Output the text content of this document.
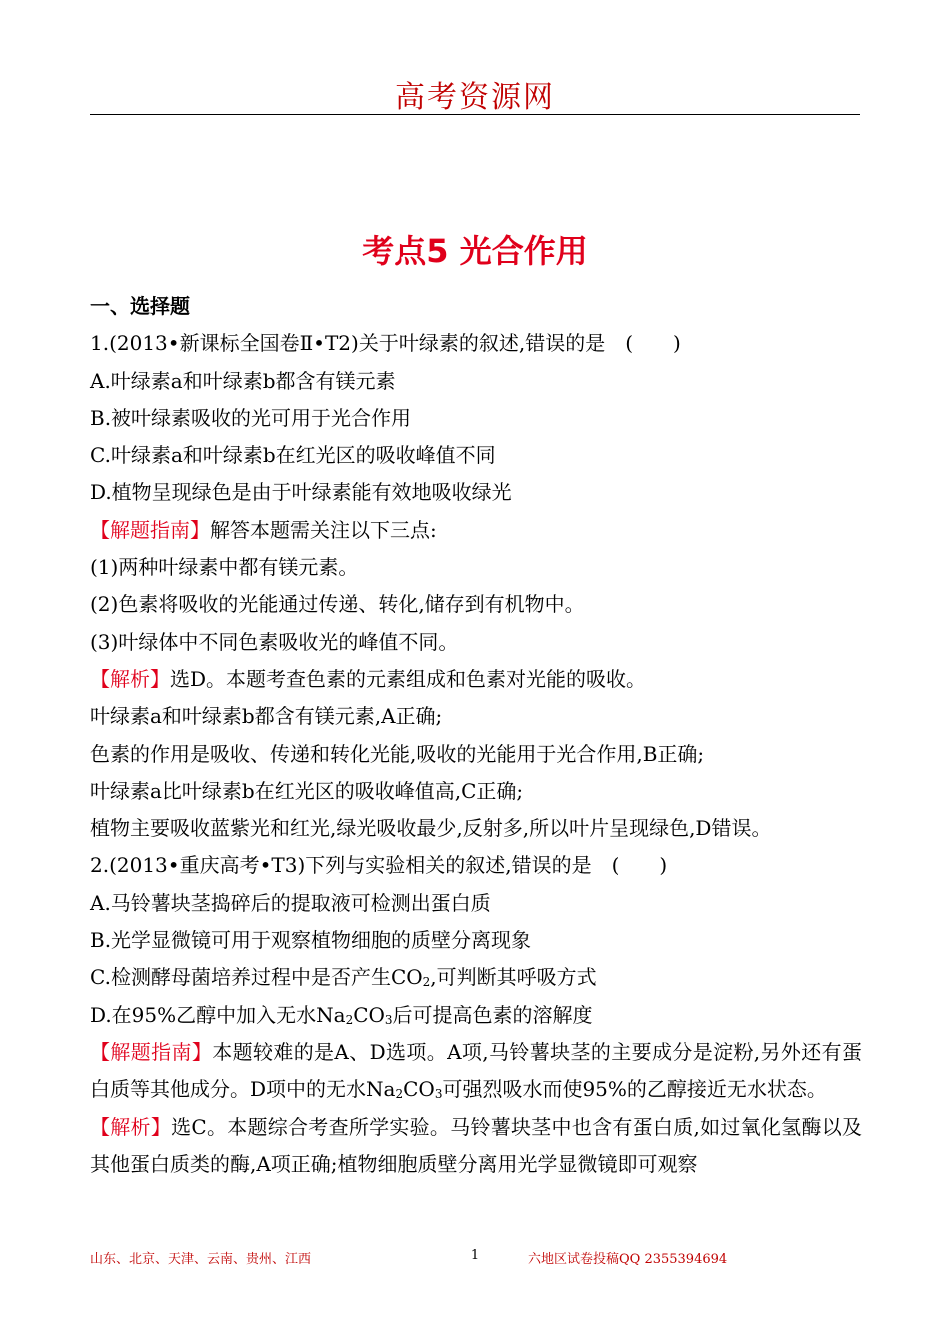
高考资源网
考点5 光合作用
一、选择题
1.(2013•新课标全国卷Ⅱ•T2)关于叶绿素的叙述,错误的是　(　　)
A.叶绿素a和叶绿素b都含有镁元素
B.被叶绿素吸收的光可用于光合作用
C.叶绿素a和叶绿素b在红光区的吸收峰值不同
D.植物呈现绿色是由于叶绿素能有效地吸收绿光
【解题指南】解答本题需关注以下三点:
(1)两种叶绿素中都有镁元素。
(2)色素将吸收的光能通过传递、转化,储存到有机物中。
(3)叶绿体中不同色素吸收光的峰值不同。
【解析】选D。本题考查色素的元素组成和色素对光能的吸收。
叶绿素a和叶绿素b都含有镁元素,A正确;
色素的作用是吸收、传递和转化光能,吸收的光能用于光合作用,B正确;
叶绿素a比叶绿素b在红光区的吸收峰值高,C正确;
植物主要吸收蓝紫光和红光,绿光吸收最少,反射多,所以叶片呈现绿色,D错误。
2.(2013•重庆高考•T3)下列与实验相关的叙述,错误的是　(　　)
A.马铃薯块茎捣碎后的提取液可检测出蛋白质
B.光学显微镜可用于观察植物细胞的质壁分离现象
C.检测酵母菌培养过程中是否产生$CO_2$,可判断其呼吸方式
D.在95%乙醇中加入无水$Na_2CO_3$后可提高色素的溶解度
【解题指南】本题较难的是A、D选项。A项,马铃薯块茎的主要成分是淀粉,另外还有蛋白质等其他成分。D项中的无水$Na_2CO_3$可强烈吸水而使95%的乙醇接近无水状态。
【解析】选C。本题综合考查所学实验。马铃薯块茎中也含有蛋白质,如过氧化氢酶以及其他蛋白质类的酶,A项正确;植物细胞质壁分离用光学显微镜即可观察
山东、北京、天津、云南、贵州、江西	1	六地区试卷投稿QQ 2355394694
